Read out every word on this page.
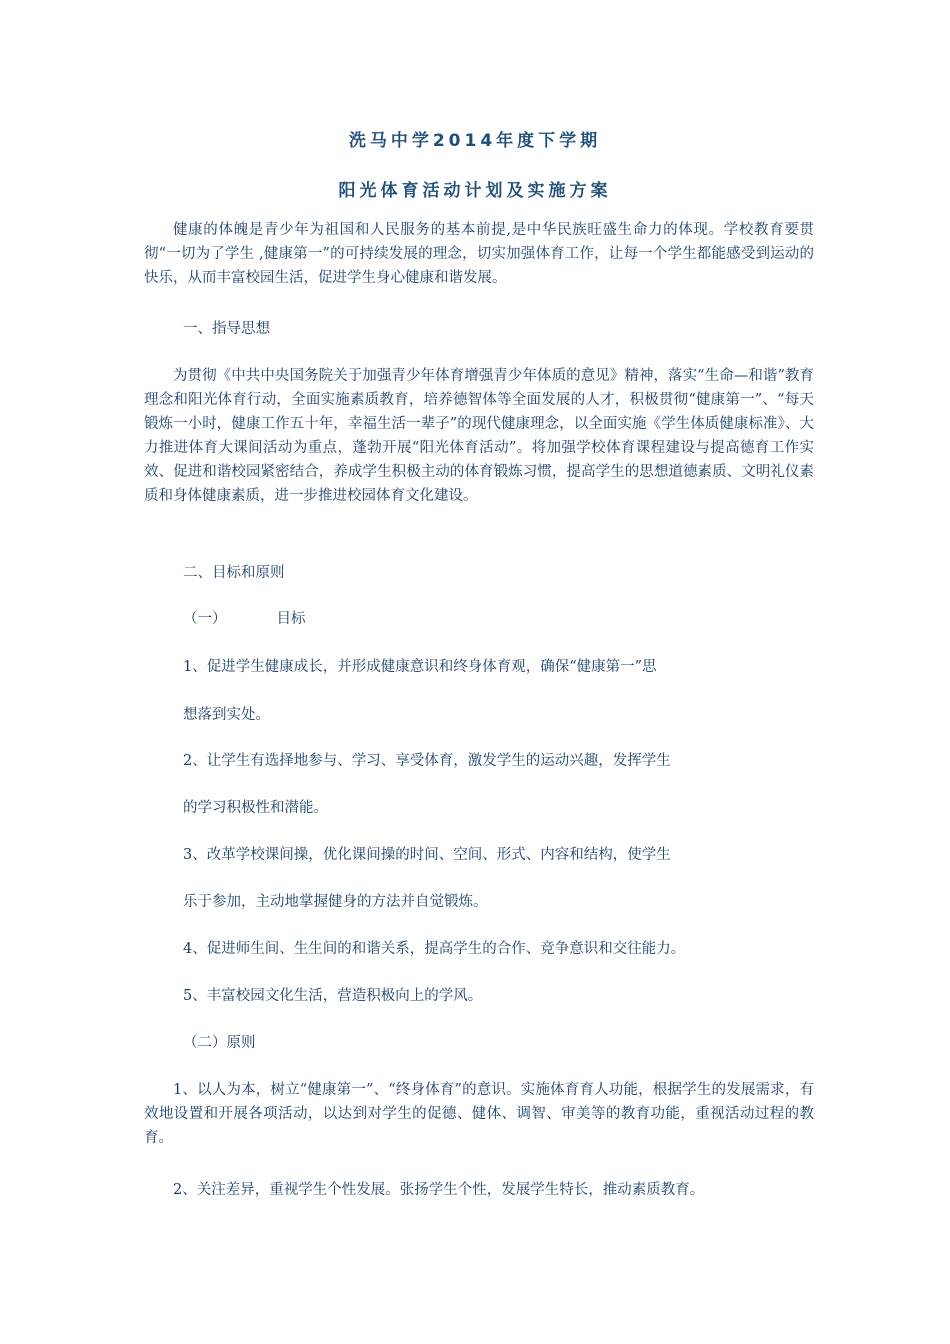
洗马中学2014年度下学期
阳光体育活动计划及实施方案

健康的体魄是青少年为祖国和人民服务的基本前提,是中华民族旺盛生命力的体现。学校教育要贯彻“一切为了学生 ,健康第一”的可持续发展的理念，切实加强体育工作，让每一个学生都能感受到运动的快乐，从而丰富校园生活，促进学生身心健康和谐发展。

一、指导思想

为贯彻《中共中央国务院关于加强青少年体育增强青少年体质的意见》精神，落实“生命—和谐”教育理念和阳光体育行动，全面实施素质教育，培养德智体等全面发展的人才，积极贯彻“健康第一”、“每天锻炼一小时，健康工作五十年，幸福生活一辈子”的现代健康理念，以全面实施《学生体质健康标准》、大力推进体育大课间活动为重点，蓬勃开展“阳光体育活动”。将加强学校体育课程建设与提高德育工作实效、促进和谐校园紧密结合，养成学生积极主动的体育锻炼习惯，提高学生的思想道德素质、文明礼仪素质和身体健康素质，进一步推进校园体育文化建设。

二、目标和原则

（一）	目标

1、促进学生健康成长，并形成健康意识和终身体育观，确保“健康第一”思

想落到实处。

2、让学生有选择地参与、学习、享受体育，激发学生的运动兴趣，发挥学生

的学习积极性和潜能。

3、改革学校课间操，优化课间操的时间、空间、形式、内容和结构，使学生

乐于参加，主动地掌握健身的方法并自觉锻炼。

4、促进师生间、生生间的和谐关系，提高学生的合作、竞争意识和交往能力。

5、丰富校园文化生活，营造积极向上的学风。

（二）原则

1、以人为本，树立“健康第一”、“终身体育”的意识。实施体育育人功能，根据学生的发展需求，有效地设置和开展各项活动，以达到对学生的促德、健体、调智、审美等的教育功能，重视活动过程的教育。

2、关注差异，重视学生个性发展。张扬学生个性，发展学生特长，推动素质教育。
